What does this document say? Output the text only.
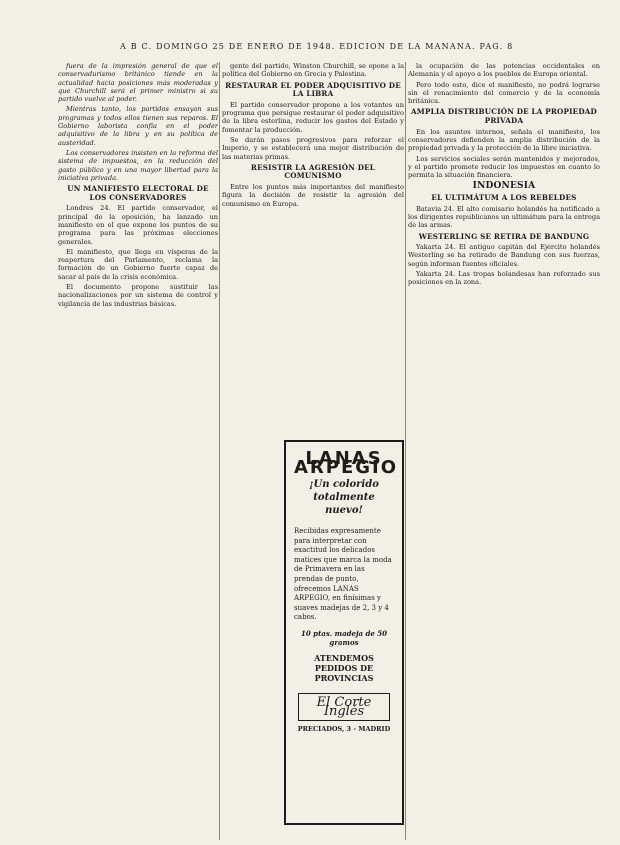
A B C. DOMINGO 25 DE ENERO DE 1948. EDICION DE LA MAÑANA. PAG. 8

fuera de la impresión general de que el conservadurismo británico tiende en la actualidad hacia posiciones más moderadas y que Churchill será el primer ministro si su partido vuelve al poder.

Mientras tanto, los partidos ensayan sus programas y todos ellos tienen sus reparos. El Gobierno laborista confía en el poder adquisitivo de la libra y en su política de austeridad.

Los conservadores insisten en la reforma del sistema de impuestos, en la reducción del gasto público y en una mayor libertad para la iniciativa privada.

UN MANIFIESTO ELECTORAL DE LOS CONSERVADORES

Londres 24. El partido conservador, el principal de la oposición, ha lanzado un manifiesto en el que expone los puntos de su programa para las próximas elecciones generales.

El manifiesto, que llega en vísperas de la reapertura del Parlamento, reclama la formación de un Gobierno fuerte capaz de sacar al país de la crisis económica.

El documento propone sustituir las nacionalizaciones por un sistema de control y vigilancia de las industrias básicas.

gente del partido, Winston Churchill, se opone a la política del Gobierno en Grecia y Palestina.

RESTAURAR EL PODER ADQUISITIVO DE LA LIBRA

El partido conservador propone a los votantes un programa que persigue restaurar el poder adquisitivo de la libra esterlina, reducir los gastos del Estado y fomentar la producción.

Se darán pasos progresivos para reforzar el Imperio, y se establecerá una mejor distribución de las materias primas.

RESISTIR LA AGRESIÓN DEL COMUNISMO

Entre los puntos más importantes del manifiesto figura la decisión de resistir la agresión del comunismo en Europa.

la ocupación de las potencias occidentales en Alemania y el apoyo a los pueblos de Europa oriental.

Pero todo esto, dice el manifiesto, no podrá lograrse sin el renacimiento del comercio y de la economía británica.

AMPLIA DISTRIBUCIÓN DE LA PROPIEDAD PRIVADA

En los asuntos internos, señala el manifiesto, los conservadores defienden la amplia distribución de la propiedad privada y la protección de la libre iniciativa.

Los servicios sociales serán mantenidos y mejorados, y el partido promete reducir los impuestos en cuanto lo permita la situación financiera.

INDONESIA
EL ULTIMÁTUM A LOS REBELDES

Batavia 24. El alto comisario holandés ha notificado a los dirigentes republicanos un ultimátum para la entrega de las armas.

WESTERLING SE RETIRA DE BANDUNG

Yakarta 24. El antiguo capitán del Ejército holandés Westerling se ha retirado de Bandung con sus fuerzas, según informan fuentes oficiales.

Yakarta 24. Las tropas holandesas han reforzado sus posiciones en la zona.

LANAS ARPEGIO
¡Un colorido totalmente nuevo!
Recibidas expresamente para interpretar con exactitud los delicados matices que marca la moda de Primavera en las prendas de punto, ofrecemos LANAS ARPEGIO, en finísimas y suaves madejas de 2, 3 y 4 cabos.
10 ptas. madeja de 50 gramos
ATENDEMOS PEDIDOS DE PROVINCIAS
El Corte Inglés
PRECIADOS, 3 - MADRID
